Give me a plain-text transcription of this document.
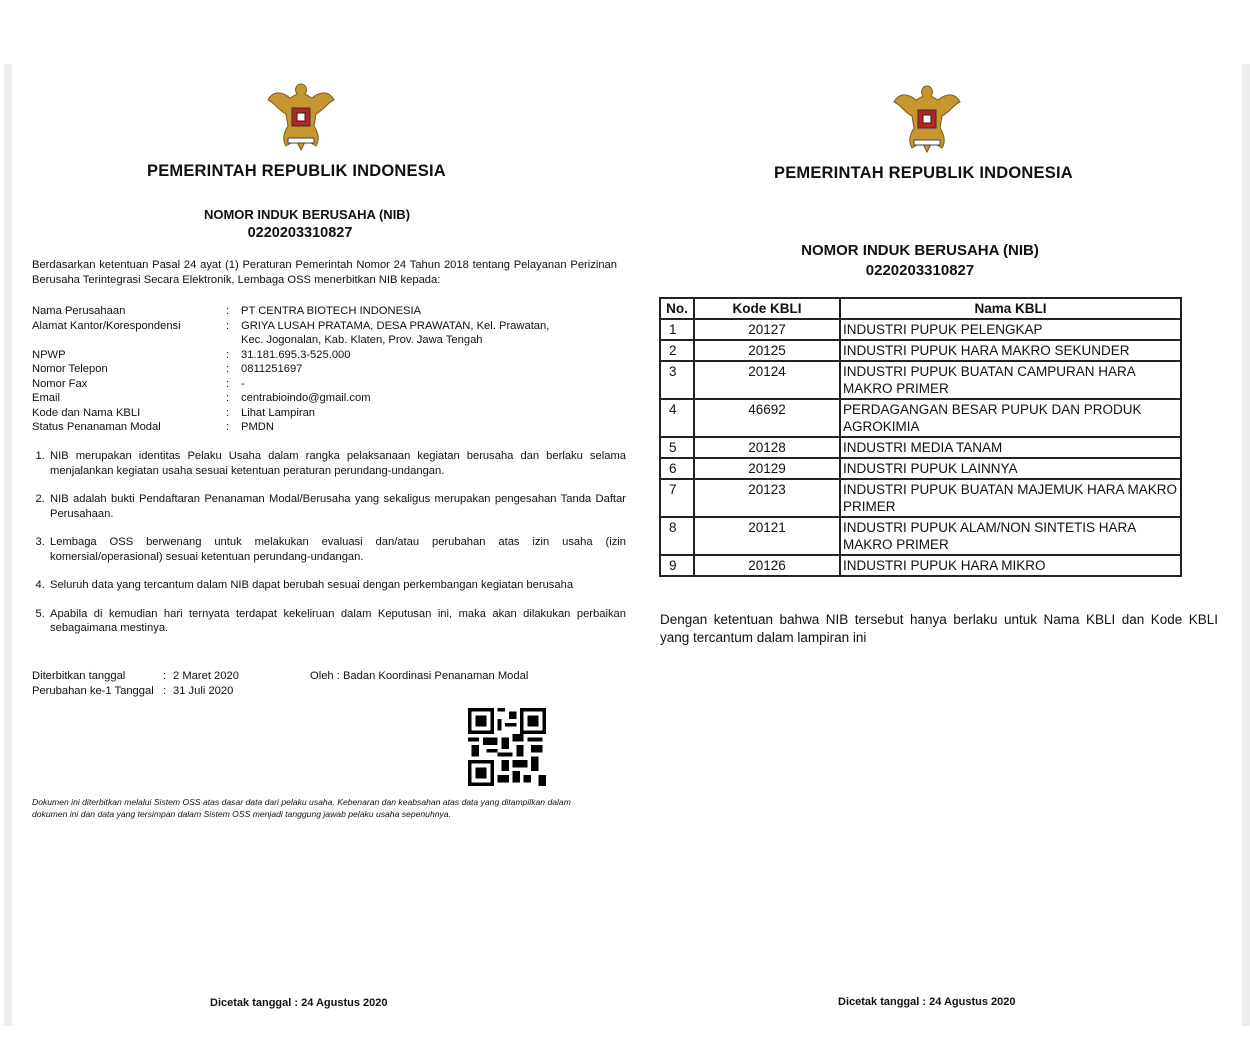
PEMERINTAH REPUBLIK INDONESIA
NOMOR INDUK BERUSAHA (NIB)
0220203310827
Berdasarkan ketentuan Pasal 24 ayat (1) Peraturan Pemerintah Nomor 24 Tahun 2018 tentang Pelayanan Perizinan Berusaha Terintegrasi Secara Elektronik, Lembaga OSS menerbitkan NIB kepada:
Nama Perusahaan	:	PT CENTRA BIOTECH INDONESIA
Alamat Kantor/Korespondensi	:	GRIYA LUSAH PRATAMA, DESA PRAWATAN, Kel. Prawatan, Kec. Jogonalan, Kab. Klaten, Prov. Jawa Tengah
NPWP	:	31.181.695.3-525.000
Nomor Telepon	:	0811251697
Nomor Fax	:	-
Email	:	centrabioindo@gmail.com
Kode dan Nama KBLI	:	Lihat Lampiran
Status Penanaman Modal	:	PMDN
1. NIB merupakan identitas Pelaku Usaha dalam rangka pelaksanaan kegiatan berusaha dan berlaku selama menjalankan kegiatan usaha sesuai ketentuan peraturan perundang-undangan.
2. NIB adalah bukti Pendaftaran Penanaman Modal/Berusaha yang sekaligus merupakan pengesahan Tanda Daftar Perusahaan.
3. Lembaga OSS berwenang untuk melakukan evaluasi dan/atau perubahan atas izin usaha (izin komersial/operasional) sesuai ketentuan perundang-undangan.
4. Seluruh data yang tercantum dalam NIB dapat berubah sesuai dengan perkembangan kegiatan berusaha
5. Apabila di kemudian hari ternyata terdapat kekeliruan dalam Keputusan ini, maka akan dilakukan perbaikan sebagaimana mestinya.
Diterbitkan tanggal	: 2 Maret 2020
Perubahan ke-1 Tanggal : 31 Juli 2020
Oleh : Badan Koordinasi Penanaman Modal
Dokumen ini diterbitkan melalui Sistem OSS atas dasar data dari pelaku usaha. Kebenaran dan keabsahan atas data yang ditampilkan dalam dokumen ini dan data yang tersimpan dalam Sistem OSS menjadi tanggung jawab pelaku usaha sepenuhnya.
Dicetak tanggal : 24 Agustus 2020
PEMERINTAH REPUBLIK INDONESIA
NOMOR INDUK BERUSAHA (NIB)
0220203310827
No.	Kode KBLI	Nama KBLI
1	20127	INDUSTRI PUPUK PELENGKAP
2	20125	INDUSTRI PUPUK HARA MAKRO SEKUNDER
3	20124	INDUSTRI PUPUK BUATAN CAMPURAN HARA MAKRO PRIMER
4	46692	PERDAGANGAN BESAR PUPUK DAN PRODUK AGROKIMIA
5	20128	INDUSTRI MEDIA TANAM
6	20129	INDUSTRI PUPUK LAINNYA
7	20123	INDUSTRI PUPUK BUATAN MAJEMUK HARA MAKRO PRIMER
8	20121	INDUSTRI PUPUK ALAM/NON SINTETIS HARA MAKRO PRIMER
9	20126	INDUSTRI PUPUK HARA MIKRO
Dengan ketentuan bahwa NIB tersebut hanya berlaku untuk Nama KBLI dan Kode KBLI yang tercantum dalam lampiran ini
Dicetak tanggal : 24 Agustus 2020
